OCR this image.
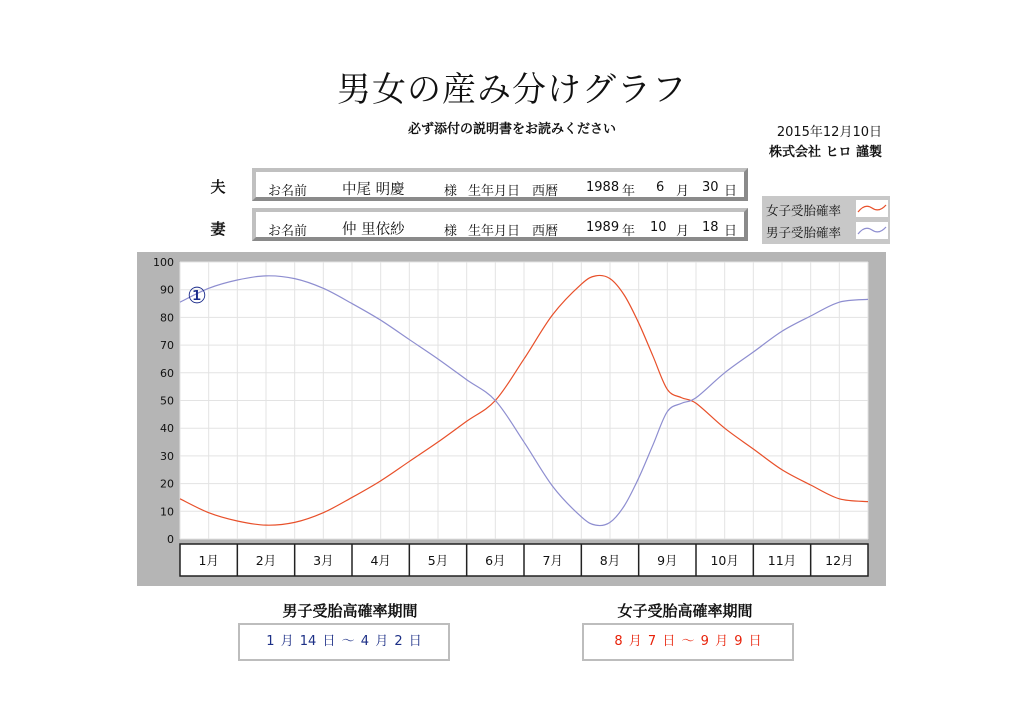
男女の産み分けグラフ
必ず添付の説明書をお読みください	2015年12月10日
株式会社 ヒロ 謹製
夫	お名前 中尾 明慶	様 生年月日 西暦 1988 年 6 月 30 日
妻	お名前 仲 里依紗	様 生年月日 西暦 1989 年 10 月 18 日
女子受胎確率
男子受胎確率
0
10
20
30
40
50
60
70
80
90
100
1月	2月	3月	4月	5月	6月	7月	8月	9月	10月 11月 12月
①
男子受胎高確率期間
1 月 14 日 ～ 4 月 2 日
女子受胎高確率期間
8 月 7 日 ～ 9 月 9 日
